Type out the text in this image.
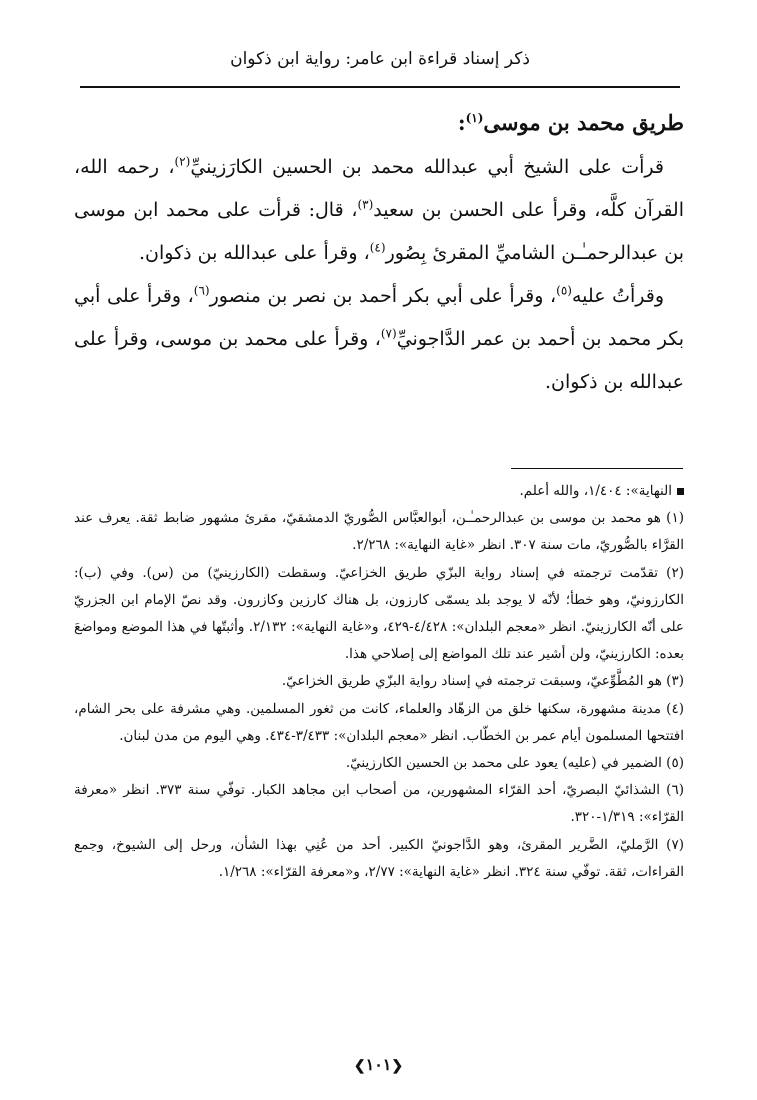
ذكر إسناد قراءة ابن عامر: رواية ابن ذكوان

طريق محمد بن موسى$^{(١)}$:

قرأت على الشيخ أبي عبدالله محمد بن الحسين الكارَزينيِّ$^{(٢)}$، رحمه الله، القرآن كلَّه، وقرأ على الحسن بن سعيد$^{(٣)}$، قال: قرأت على محمد ابن موسى بن عبدالرحمـٰـن الشاميِّ المقرئ بِصُور$^{(٤)}$، وقرأ على عبدالله بن ذكوان.

وقرأتُ عليه$^{(٥)}$، وقرأ على أبي بكر أحمد بن نصر بن منصور$^{(٦)}$، وقرأ على أبي بكر محمد بن أحمد بن عمر الدَّاجونيِّ$^{(٧)}$، وقرأ على محمد بن موسى، وقرأ على عبدالله بن ذكوان.

النهاية»: ١/٤٠٤، والله أعلم.

(١) هو محمد بن موسى بن عبدالرحمـٰـن، أبوالعبَّاس الصُّوريّ الدمشقيّ، مقرئ مشهور ضابط ثقة. يعرف عند القرَّاء بالصُّوريّ، مات سنة ٣٠٧. انظر «غاية النهاية»: ٢/٢٦٨.

(٢) تقدّمت ترجمته في إسناد رواية البزّي طريق الخزاعيّ. وسقطت (الكارزينيّ) من (س). وفي (ب): الكارزونيّ، وهو خطأ؛ لأنّه لا يوجد بلد يسمّى كارزون، بل هناك كارزين وكازرون. وقد نصّ الإمام ابن الجزريّ على أنّه الكارزينيّ. انظر «معجم البلدان»: ٤/٤٢٨-٤٢٩، و«غاية النهاية»: ٢/١٣٢. وأثبتّها في هذا الموضع ومواضعَ بعده: الكارزينيّ، ولن أشير عند تلك المواضع إلى إصلاحي هذا.

(٣) هو المُطَّوِّعيّ، وسبقت ترجمته في إسناد رواية البزّي طريق الخزاعيّ.

(٤) مدينة مشهورة، سكنها خلق من الزهّاد والعلماء، كانت من ثغور المسلمين. وهي مشرفة على بحر الشام، افتتحها المسلمون أيام عمر بن الخطّاب. انظر «معجم البلدان»: ٣/٤٣٣-٤٣٤. وهي اليوم من مدن لبنان.

(٥) الضمير في (عليه) يعود على محمد بن الحسين الكارزينيّ.

(٦) الشذائيّ البصريّ، أحد القرّاء المشهورين، من أصحاب ابن مجاهد الكبار. توفّي سنة ٣٧٣. انظر «معرفة القرّاء»: ١/٣١٩-٣٢٠.

(٧) الرَّمليّ، الضَّرير المقرئ، وهو الدَّاجونيّ الكبير. أحد من عُنِي بهذا الشأن، ورحل إلى الشيوخ، وجمع القراءات، ثقة. توفّي سنة ٣٢٤. انظر «غاية النهاية»: ٢/٧٧، و«معرفة القرّاء»: ١/٢٦٨.

❮١٠١❯
